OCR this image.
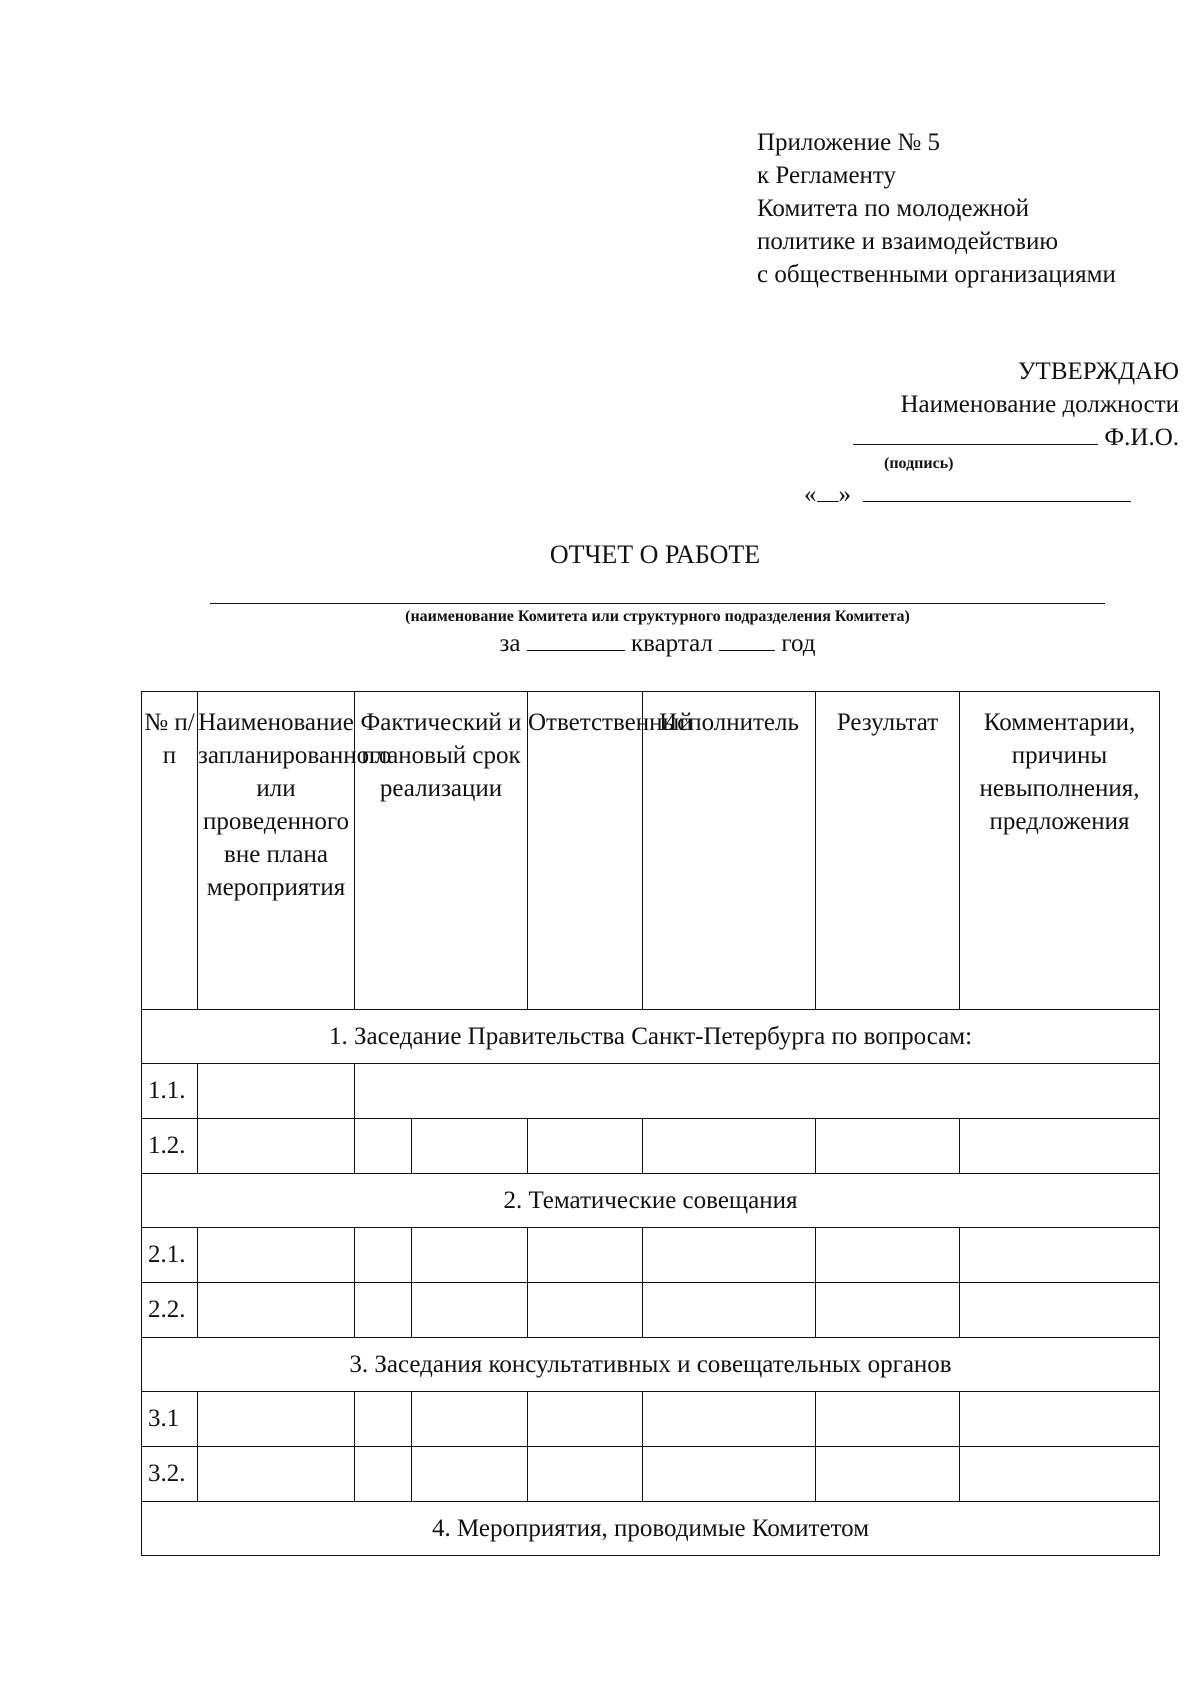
Приложение № 5
к Регламенту
Комитета по молодежной
политике и взаимодействию
с общественными организациями
УТВЕРЖДАЮ
Наименование должности
Ф.И.О.
(подпись)
« »
ОТЧЕТ О РАБОТЕ
(наименование Комитета или структурного подразделения Комитета)
за	квартал	год
№ п/п	Наименование запланированного или проведенного вне плана мероприятия	Фактический и плановый срок реализации		Ответственный	Исполнитель	Результат	Комментарии, причины невыполнения, предложения
1. Заседание Правительства Санкт-Петербурга по вопросам:							
1.1.							
1.2.							
2. Тематические совещания							
2.1.							
2.2.							
3. Заседания консультативных и совещательных органов							
3.1							
3.2.							
4. Мероприятия, проводимые Комитетом							
